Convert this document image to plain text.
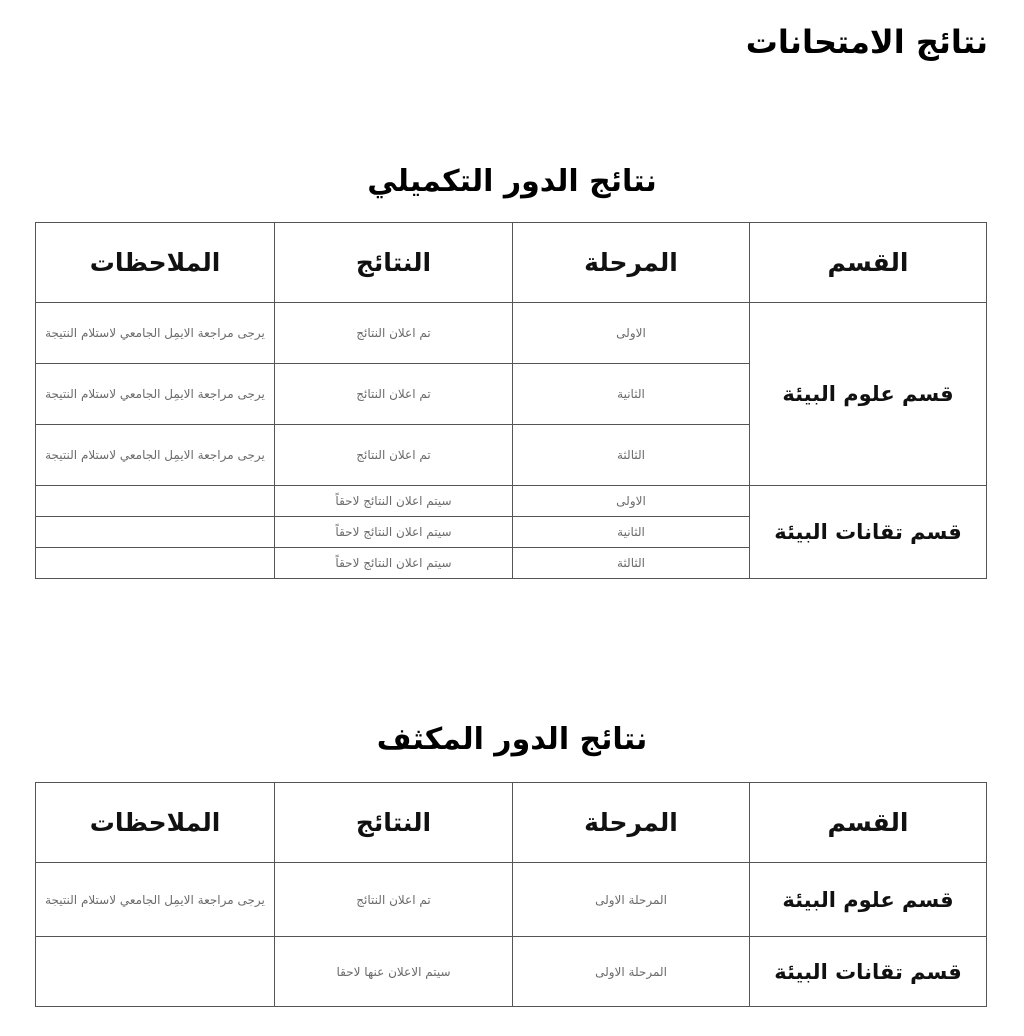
نتائج الامتحانات
نتائج الدور التكميلي
القسم	المرحلة	النتائج	الملاحظات
قسم علوم البيئة	الاولى	تم اعلان النتائج	يرجى مراجعة الايمِل الجامعي لاستلام النتيجة
	الثانية	تم اعلان النتائج	يرجى مراجعة الايمِل الجامعي لاستلام النتيجة
	الثالثة	تم اعلان النتائج	يرجى مراجعة الايمِل الجامعي لاستلام النتيجة
قسم تقانات البيئة	الاولى	سيتم اعلان النتائج لاحقاً	
	الثانية	سيتم اعلان النتائج لاحقاً	
	الثالثة	سيتم اعلان النتائج لاحقاً	
نتائج الدور المكثف
القسم	المرحلة	النتائج	الملاحظات
قسم علوم البيئة	المرحلة الاولى	تم اعلان النتائج	يرجى مراجعة الايمِل الجامعي لاستلام النتيجة
قسم تقانات البيئة	المرحلة الاولى	سيتم الاعلان عنها لاحقا	
